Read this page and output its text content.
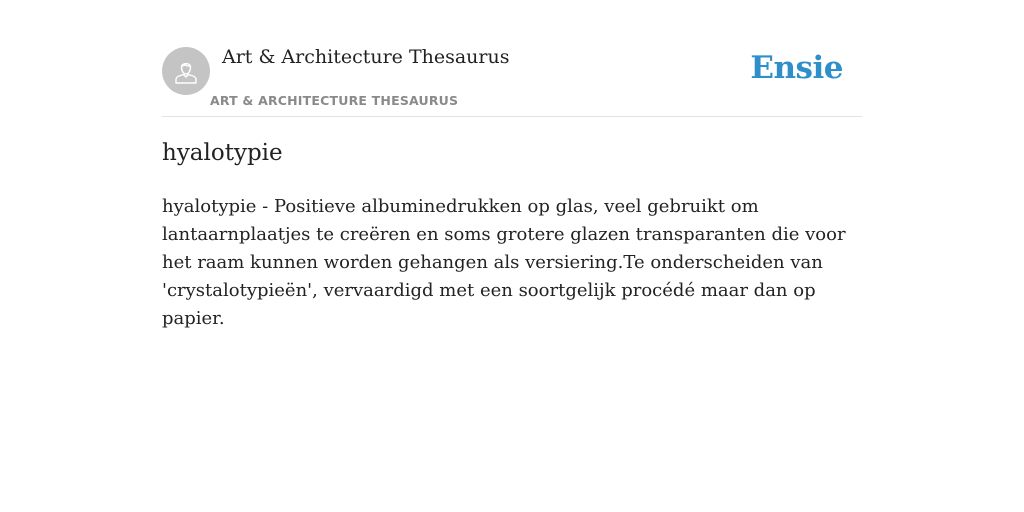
Art & Architecture Thesaurus
ART & ARCHITECTURE THESAURUS
Ensie
hyalotypie

hyalotypie - Positieve albuminedrukken op glas, veel gebruikt om lantaarnplaatjes te creëren en soms grotere glazen transparanten die voor het raam kunnen worden gehangen als versiering.Te onderscheiden van 'crystalotypieën', vervaardigd met een soortgelijk procédé maar dan op papier.
